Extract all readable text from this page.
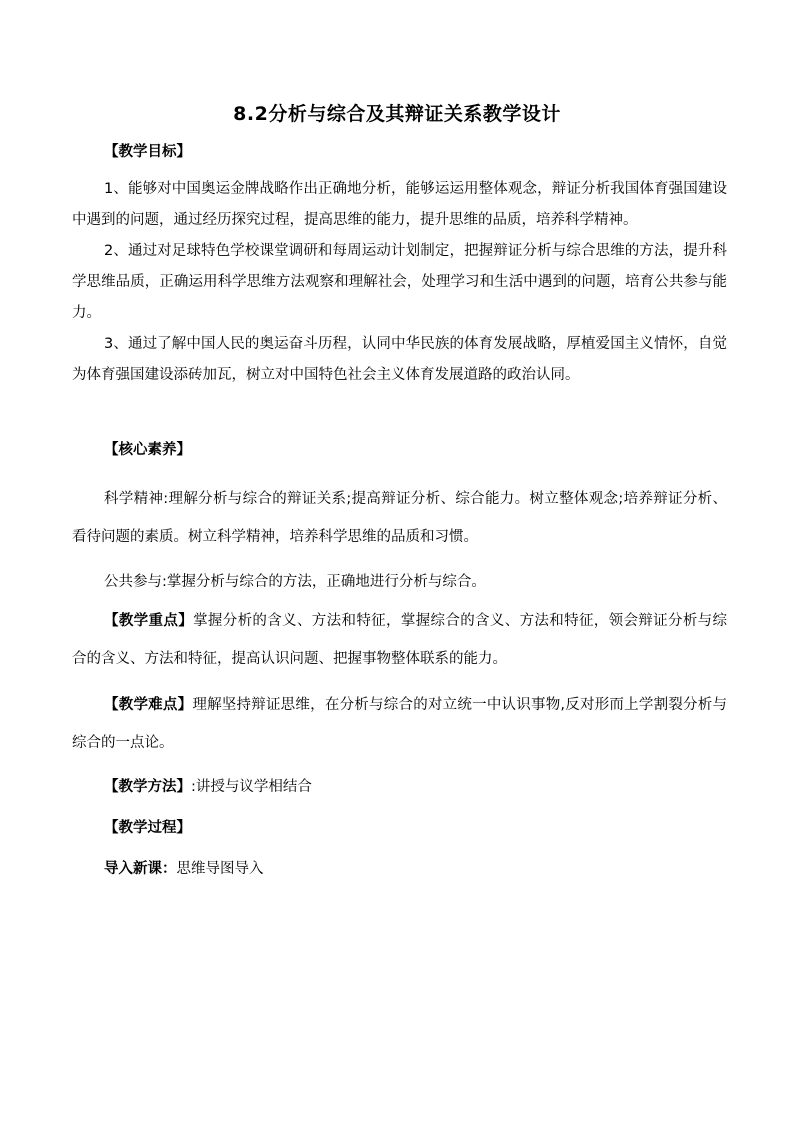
8.2分析与综合及其辩证关系教学设计
【教学目标】

1、能够对中国奥运金牌战略作出正确地分析，能够运运用整体观念，辩证分析我国体育强国建设中遇到的问题，通过经历探究过程，提高思维的能力，提升思维的品质，培养科学精神。

2、通过对足球特色学校课堂调研和每周运动计划制定，把握辩证分析与综合思维的方法，提升科学思维品质，正确运用科学思维方法观察和理解社会，处理学习和生活中遇到的问题，培育公共参与能力。

3、通过了解中国人民的奥运奋斗历程，认同中华民族的体育发展战略，厚植爱国主义情怀，自觉为体育强国建设添砖加瓦，树立对中国特色社会主义体育发展道路的政治认同。

【核心素养】

科学精神:理解分析与综合的辩证关系;提高辩证分析、综合能力。树立整体观念;培养辩证分析、看待问题的素质。树立科学精神，培养科学思维的品质和习惯。

公共参与:掌握分析与综合的方法，正确地进行分析与综合。

【教学重点】掌握分析的含义、方法和特征，掌握综合的含义、方法和特征，领会辩证分析与综合的含义、方法和特征，提高认识问题、把握事物整体联系的能力。

【教学难点】理解坚持辩证思维，在分析与综合的对立统一中认识事物,反对形而上学割裂分析与综合的一点论。

【教学方法】:讲授与议学相结合
【教学过程】
导入新课：思维导图导入
